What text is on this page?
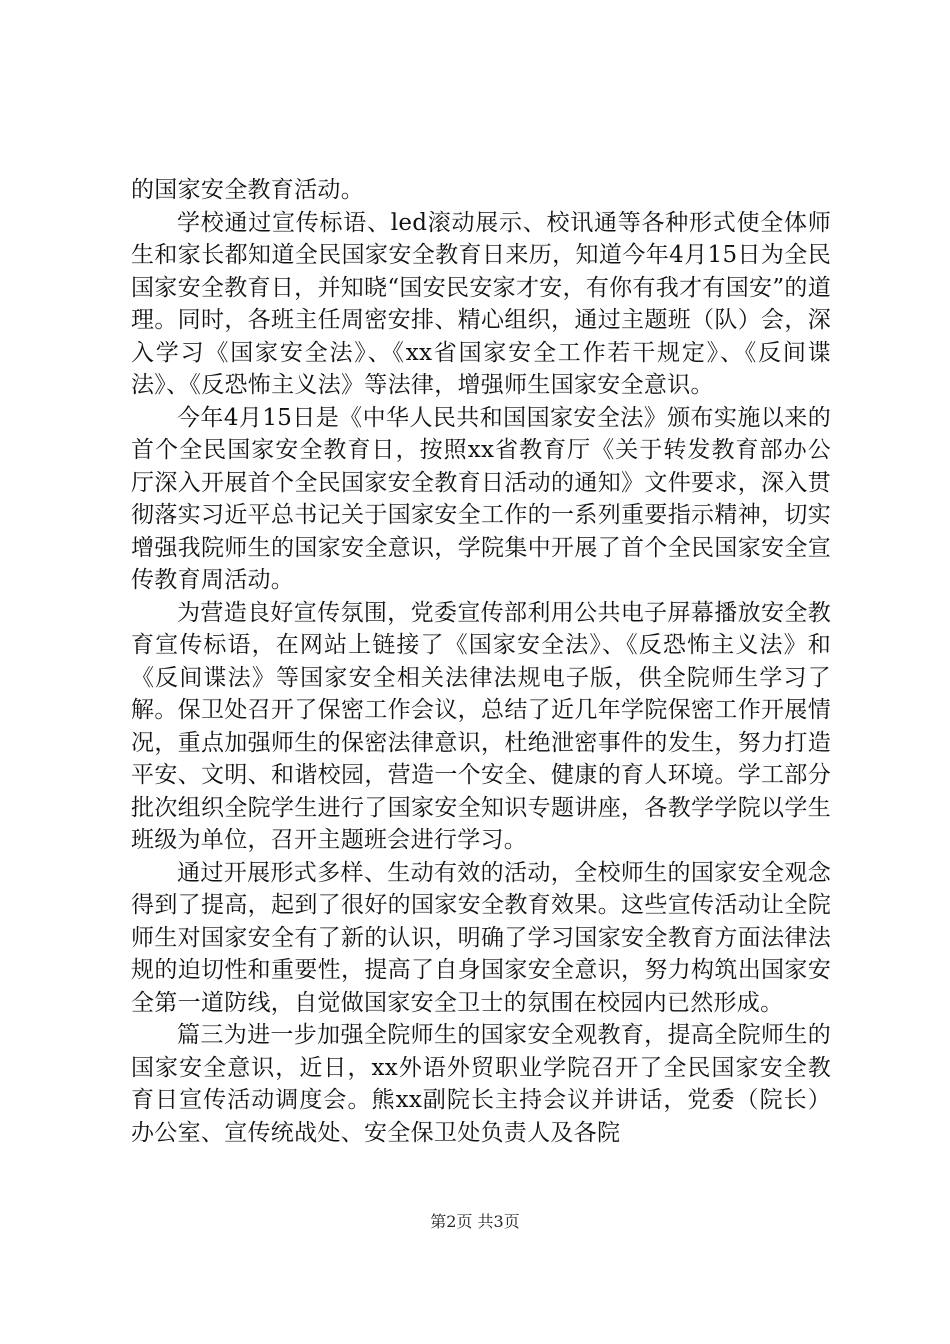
的国家安全教育活动。

学校通过宣传标语、led滚动展示、校讯通等各种形式使全体师生和家长都知道全民国家安全教育日来历，知道今年4月15日为全民国家安全教育日，并知晓“国安民安家才安，有你有我才有国安”的道理。同时，各班主任周密安排、精心组织，通过主题班（队）会，深入学习《国家安全法》、《xx省国家安全工作若干规定》、《反间谍法》、《反恐怖主义法》等法律，增强师生国家安全意识。

今年4月15日是《中华人民共和国国家安全法》颁布实施以来的首个全民国家安全教育日，按照xx省教育厅《关于转发教育部办公厅深入开展首个全民国家安全教育日活动的通知》文件要求，深入贯彻落实习近平总书记关于国家安全工作的一系列重要指示精神，切实增强我院师生的国家安全意识，学院集中开展了首个全民国家安全宣传教育周活动。

为营造良好宣传氛围，党委宣传部利用公共电子屏幕播放安全教育宣传标语，在网站上链接了《国家安全法》、《反恐怖主义法》和《反间谍法》等国家安全相关法律法规电子版，供全院师生学习了解。保卫处召开了保密工作会议，总结了近几年学院保密工作开展情况，重点加强师生的保密法律意识，杜绝泄密事件的发生，努力打造平安、文明、和谐校园，营造一个安全、健康的育人环境。学工部分批次组织全院学生进行了国家安全知识专题讲座，各教学学院以学生班级为单位，召开主题班会进行学习。

通过开展形式多样、生动有效的活动，全校师生的国家安全观念得到了提高，起到了很好的国家安全教育效果。这些宣传活动让全院师生对国家安全有了新的认识，明确了学习国家安全教育方面法律法规的迫切性和重要性，提高了自身国家安全意识，努力构筑出国家安全第一道防线，自觉做国家安全卫士的氛围在校园内已然形成。

篇三为进一步加强全院师生的国家安全观教育，提高全院师生的国家安全意识，近日，xx外语外贸职业学院召开了全民国家安全教育日宣传活动调度会。熊xx副院长主持会议并讲话，党委（院长）办公室、宣传统战处、安全保卫处负责人及各院

第2页 共3页
